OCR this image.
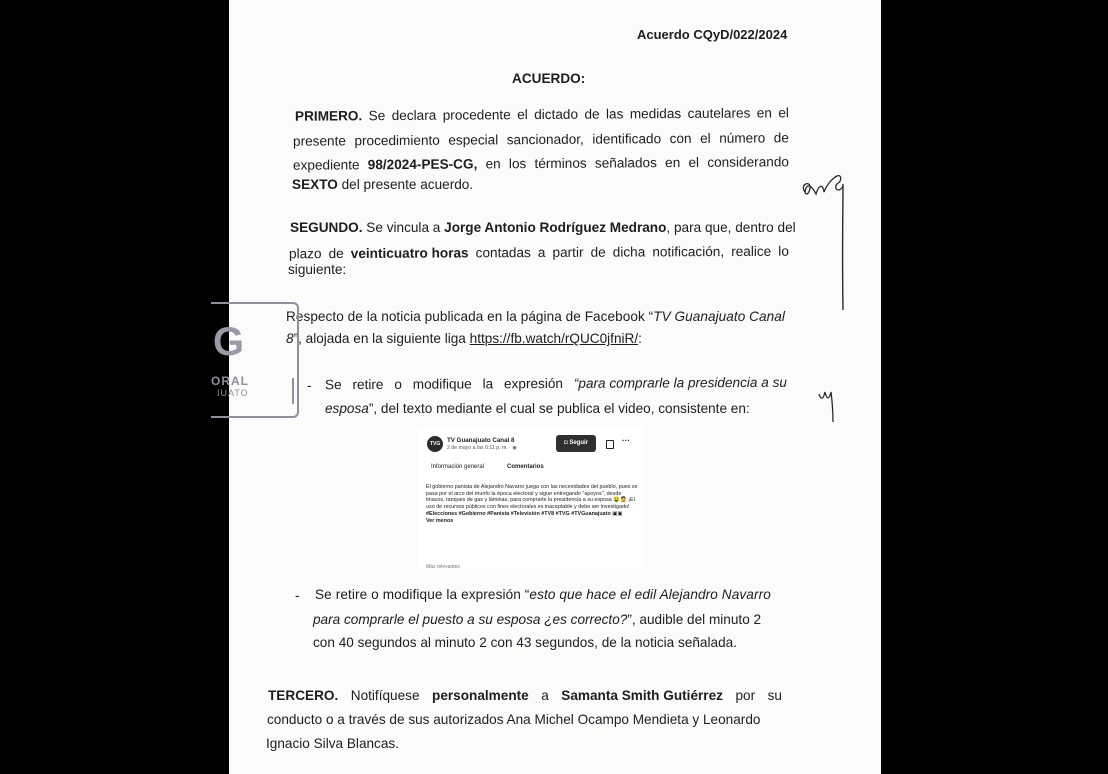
Acuerdo CQyD/022/2024
ACUERDO:
PRIMERO. Se declara procedente el dictado de las medidas cautelares en el
presente procedimiento especial sancionador, identificado con el número de
expediente 98/2024-PES-CG, en los términos señalados en el considerando
SEXTO del presente acuerdo.
SEGUNDO. Se vincula a Jorge Antonio Rodríguez Medrano, para que, dentro del
plazo de veinticuatro horas contadas a partir de dicha notificación, realice lo
siguiente:
Respecto de la noticia publicada en la página de Facebook “TV Guanajuato Canal
8”, alojada en la siguiente liga https://fb.watch/rQUC0jfniR/:
- Se retire o modifique la expresión “para comprarle la presidencia a su
esposa”, del texto mediante el cual se publica el video, consistente en:
TVG TV Guanajuato Canal 8
2 de mayo a las 6:11 p. m. · ◉
◘ Seguir	···
Información general	Comentarios
El gobierno panista de Alejandro Navarro juega con las necesidades del pueblo, pues se pasa por el arco del triunfo la época electoral y sigue entregando "apoyos", desde tinacos, tanques de gas y láminas, para comprarle la presidencia a su esposa 🤑🤦 ¡El uso de recursos públicos con fines electorales es inaceptable y debe ser investigado!
#Elecciones #Gobierno #Panista #Televisión #TV8 #TVG #TVGuanajuato ▣▣
Ver menos
Más relevantes
- Se retire o modifique la expresión “esto que hace el edil Alejandro Navarro
para comprarle el puesto a su esposa ¿es correcto?”, audible del minuto 2
con 40 segundos al minuto 2 con 43 segundos, de la noticia señalada.
TERCERO. Notifíquese personalmente a Samanta Smith Gutiérrez por su
conducto o a través de sus autorizados Ana Michel Ocampo Mendieta y Leonardo
Ignacio Silva Blancas.
G
ORAL
IUATO
